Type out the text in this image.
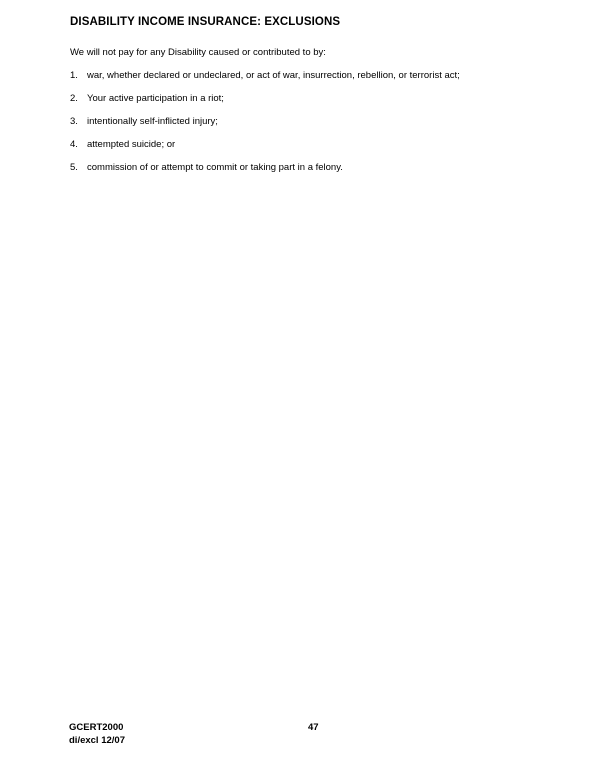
DISABILITY INCOME INSURANCE: EXCLUSIONS

We will not pay for any Disability caused or contributed to by:

1. war, whether declared or undeclared, or act of war, insurrection, rebellion, or terrorist act;
2. Your active participation in a riot;
3. intentionally self-inflicted injury;
4. attempted suicide; or
5. commission of or attempt to commit or taking part in a felony.
GCERT2000
di/excl 12/07
47
